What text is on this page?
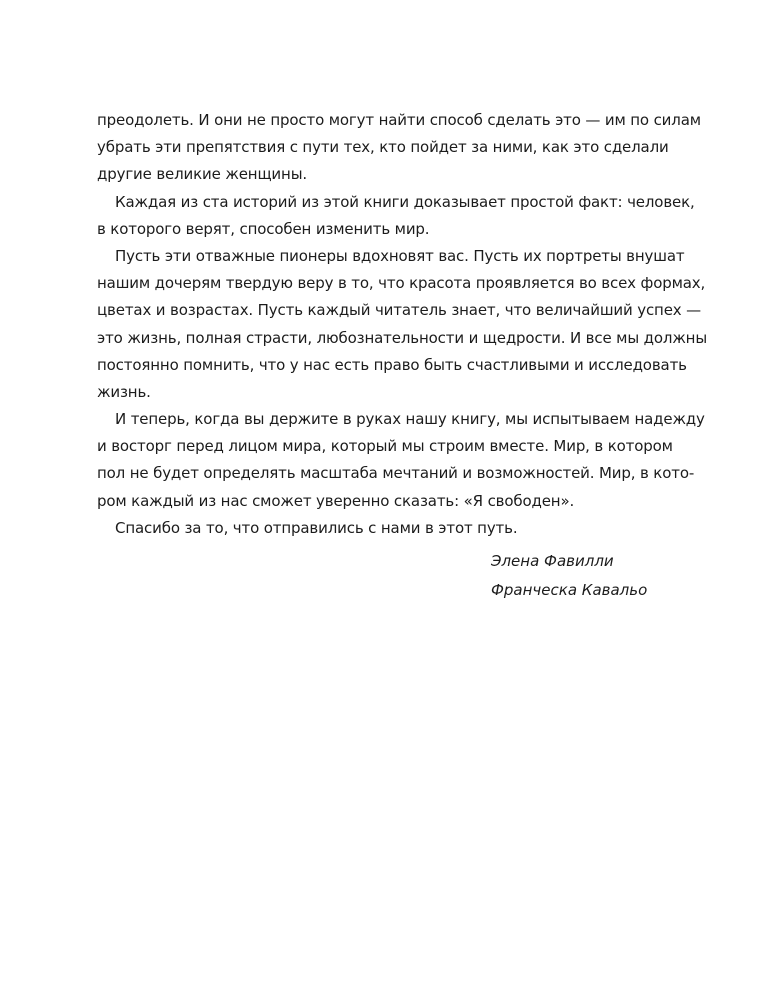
преодолеть. И они не просто могут найти способ сделать это — им по силам
убрать эти препятствия с пути тех, кто пойдет за ними, как это сделали
другие великие женщины.
Каждая из ста историй из этой книги доказывает простой факт: человек,
в которого верят, способен изменить мир.
Пусть эти отважные пионеры вдохновят вас. Пусть их портреты внушат
нашим дочерям твердую веру в то, что красота проявляется во всех формах,
цветах и возрастах. Пусть каждый читатель знает, что величайший успех —
это жизнь, полная страсти, любознательности и щедрости. И все мы должны
постоянно помнить, что у нас есть право быть счастливыми и исследовать
жизнь.
И теперь, когда вы держите в руках нашу книгу, мы испытываем надежду
и восторг перед лицом мира, который мы строим вместе. Мир, в котором
пол не будет определять масштаба мечтаний и возможностей. Мир, в кото-
ром каждый из нас сможет уверенно сказать: «Я свободен».
Спасибо за то, что отправились с нами в этот путь.
Элена Фавилли
Франческа Кавальо
